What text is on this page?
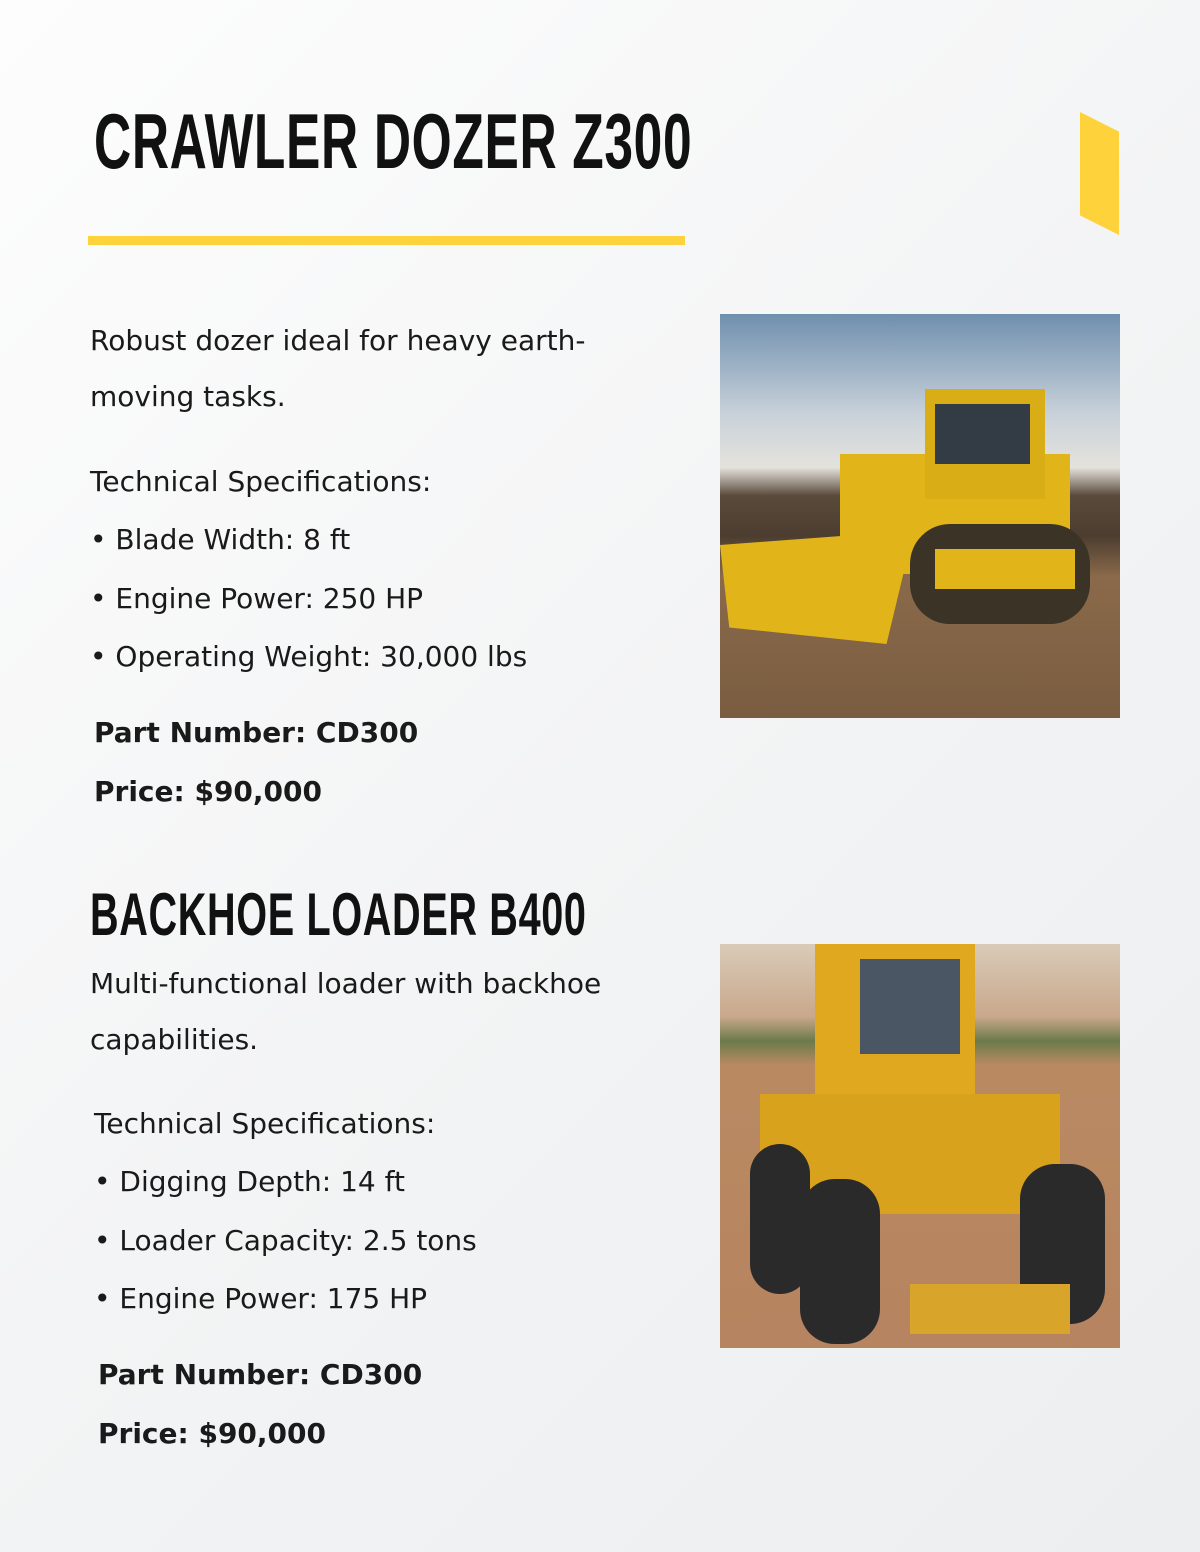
CRAWLER DOZER Z300
Robust dozer ideal for heavy earth-
moving tasks.
Technical Specifications:
• Blade Width: 8 ft
• Engine Power: 250 HP
• Operating Weight: 30,000 lbs
Part Number: CD300
Price: $90,000
BACKHOE LOADER B400
Multi-functional loader with backhoe
capabilities.
Technical Specifications:
• Digging Depth: 14 ft
• Loader Capacity: 2.5 tons
• Engine Power: 175 HP
Part Number: CD300
Price: $90,000
